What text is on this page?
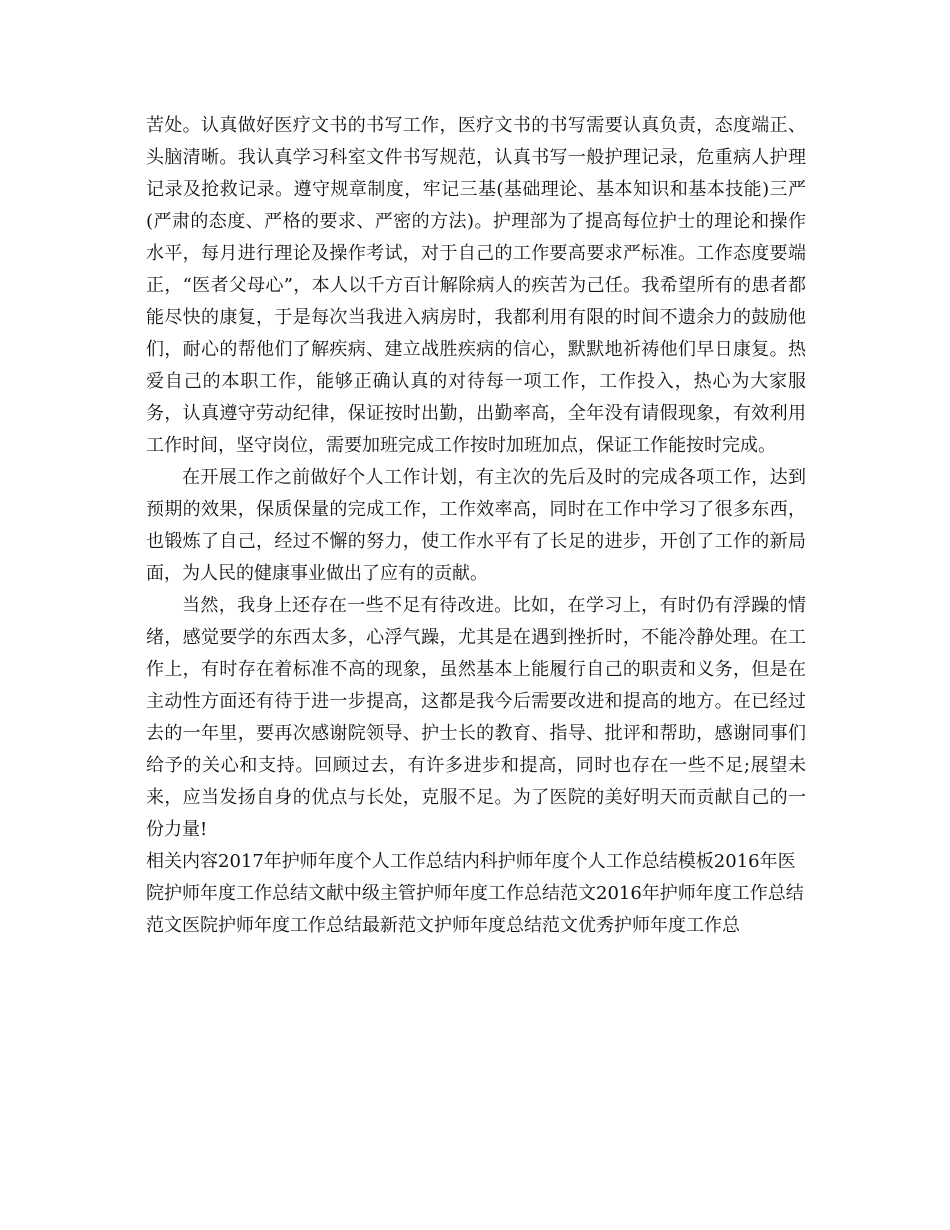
苦处。认真做好医疗文书的书写工作，医疗文书的书写需要认真负责，态度端正、头脑清晰。我认真学习科室文件书写规范，认真书写一般护理记录，危重病人护理记录及抢救记录。遵守规章制度，牢记三基(基础理论、基本知识和基本技能)三严(严肃的态度、严格的要求、严密的方法)。护理部为了提高每位护士的理论和操作水平，每月进行理论及操作考试，对于自己的工作要高要求严标准。工作态度要端正，“医者父母心”，本人以千方百计解除病人的疾苦为己任。我希望所有的患者都能尽快的康复，于是每次当我进入病房时，我都利用有限的时间不遗余力的鼓励他们，耐心的帮他们了解疾病、建立战胜疾病的信心，默默地祈祷他们早日康复。热爱自己的本职工作，能够正确认真的对待每一项工作，工作投入，热心为大家服务，认真遵守劳动纪律，保证按时出勤，出勤率高，全年没有请假现象，有效利用工作时间，坚守岗位，需要加班完成工作按时加班加点，保证工作能按时完成。

在开展工作之前做好个人工作计划，有主次的先后及时的完成各项工作，达到预期的效果，保质保量的完成工作，工作效率高，同时在工作中学习了很多东西，也锻炼了自己，经过不懈的努力，使工作水平有了长足的进步，开创了工作的新局面，为人民的健康事业做出了应有的贡献。

当然，我身上还存在一些不足有待改进。比如，在学习上，有时仍有浮躁的情绪，感觉要学的东西太多，心浮气躁，尤其是在遇到挫折时，不能冷静处理。在工作上，有时存在着标准不高的现象，虽然基本上能履行自己的职责和义务，但是在主动性方面还有待于进一步提高，这都是我今后需要改进和提高的地方。在已经过去的一年里，要再次感谢院领导、护士长的教育、指导、批评和帮助，感谢同事们给予的关心和支持。回顾过去，有许多进步和提高，同时也存在一些不足;展望未来，应当发扬自身的优点与长处，克服不足。为了医院的美好明天而贡献自己的一份力量!

相关内容2017年护师年度个人工作总结内科护师年度个人工作总结模板2016年医院护师年度工作总结文献中级主管护师年度工作总结范文2016年护师年度工作总结范文医院护师年度工作总结最新范文护师年度总结范文优秀护师年度工作总
